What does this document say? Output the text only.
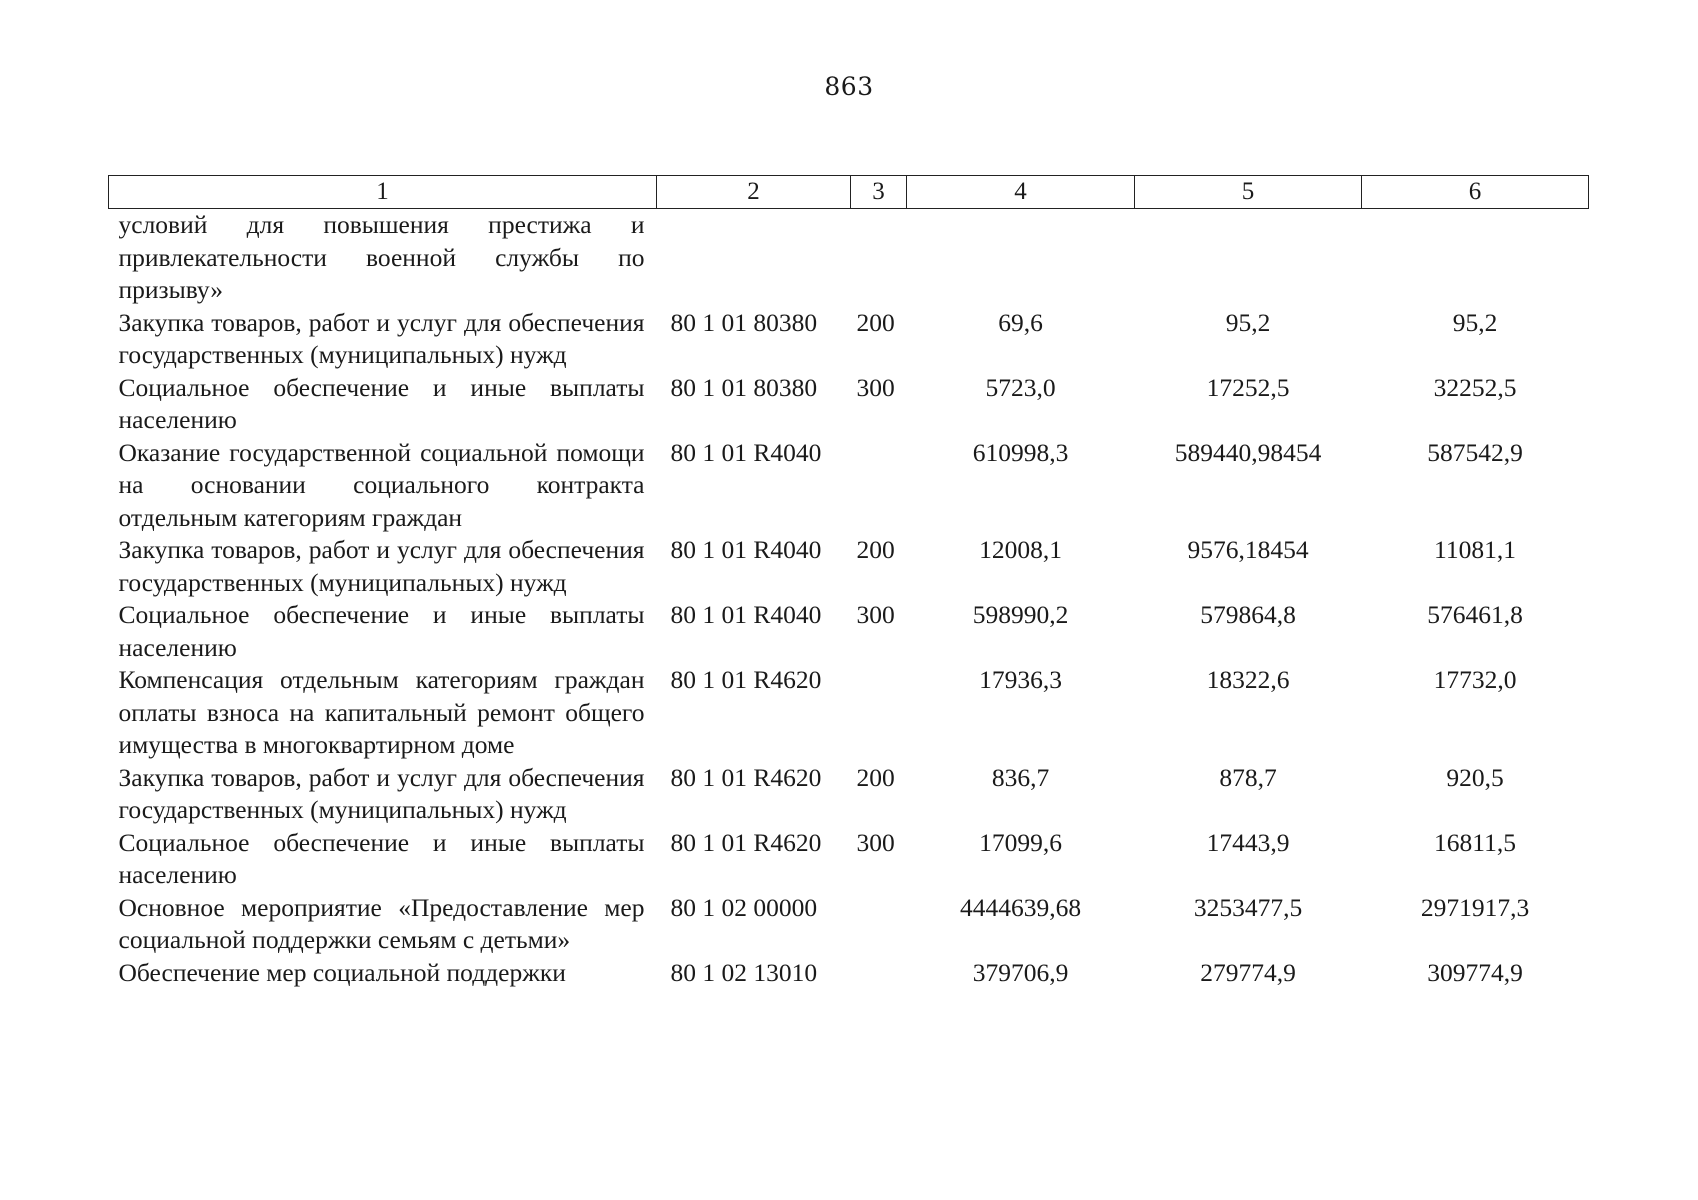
863
1	2	3	4	5	6
условий для повышения престижа и привлекательности военной службы по призыву»					
Закупка товаров, работ и услуг для обеспечения государственных (муниципальных) нужд	80 1 01 80380	200	69,6	95,2	95,2
Социальное обеспечение и иные выплаты населению	80 1 01 80380	300	5723,0	17252,5	32252,5
Оказание государственной социальной помощи на основании социального контракта отдельным категориям граждан	80 1 01 R4040		610998,3	589440,98454	587542,9
Закупка товаров, работ и услуг для обеспечения государственных (муниципальных) нужд	80 1 01 R4040	200	12008,1	9576,18454	11081,1
Социальное обеспечение и иные выплаты населению	80 1 01 R4040	300	598990,2	579864,8	576461,8
Компенсация отдельным категориям граждан оплаты взноса на капитальный ремонт общего имущества в многоквартирном доме	80 1 01 R4620		17936,3	18322,6	17732,0
Закупка товаров, работ и услуг для обеспечения государственных (муниципальных) нужд	80 1 01 R4620	200	836,7	878,7	920,5
Социальное обеспечение и иные выплаты населению	80 1 01 R4620	300	17099,6	17443,9	16811,5
Основное мероприятие «Предоставление мер социальной поддержки семьям с детьми»	80 1 02 00000		4444639,68	3253477,5	2971917,3
Обеспечение мер социальной поддержки	80 1 02 13010		379706,9	279774,9	309774,9
